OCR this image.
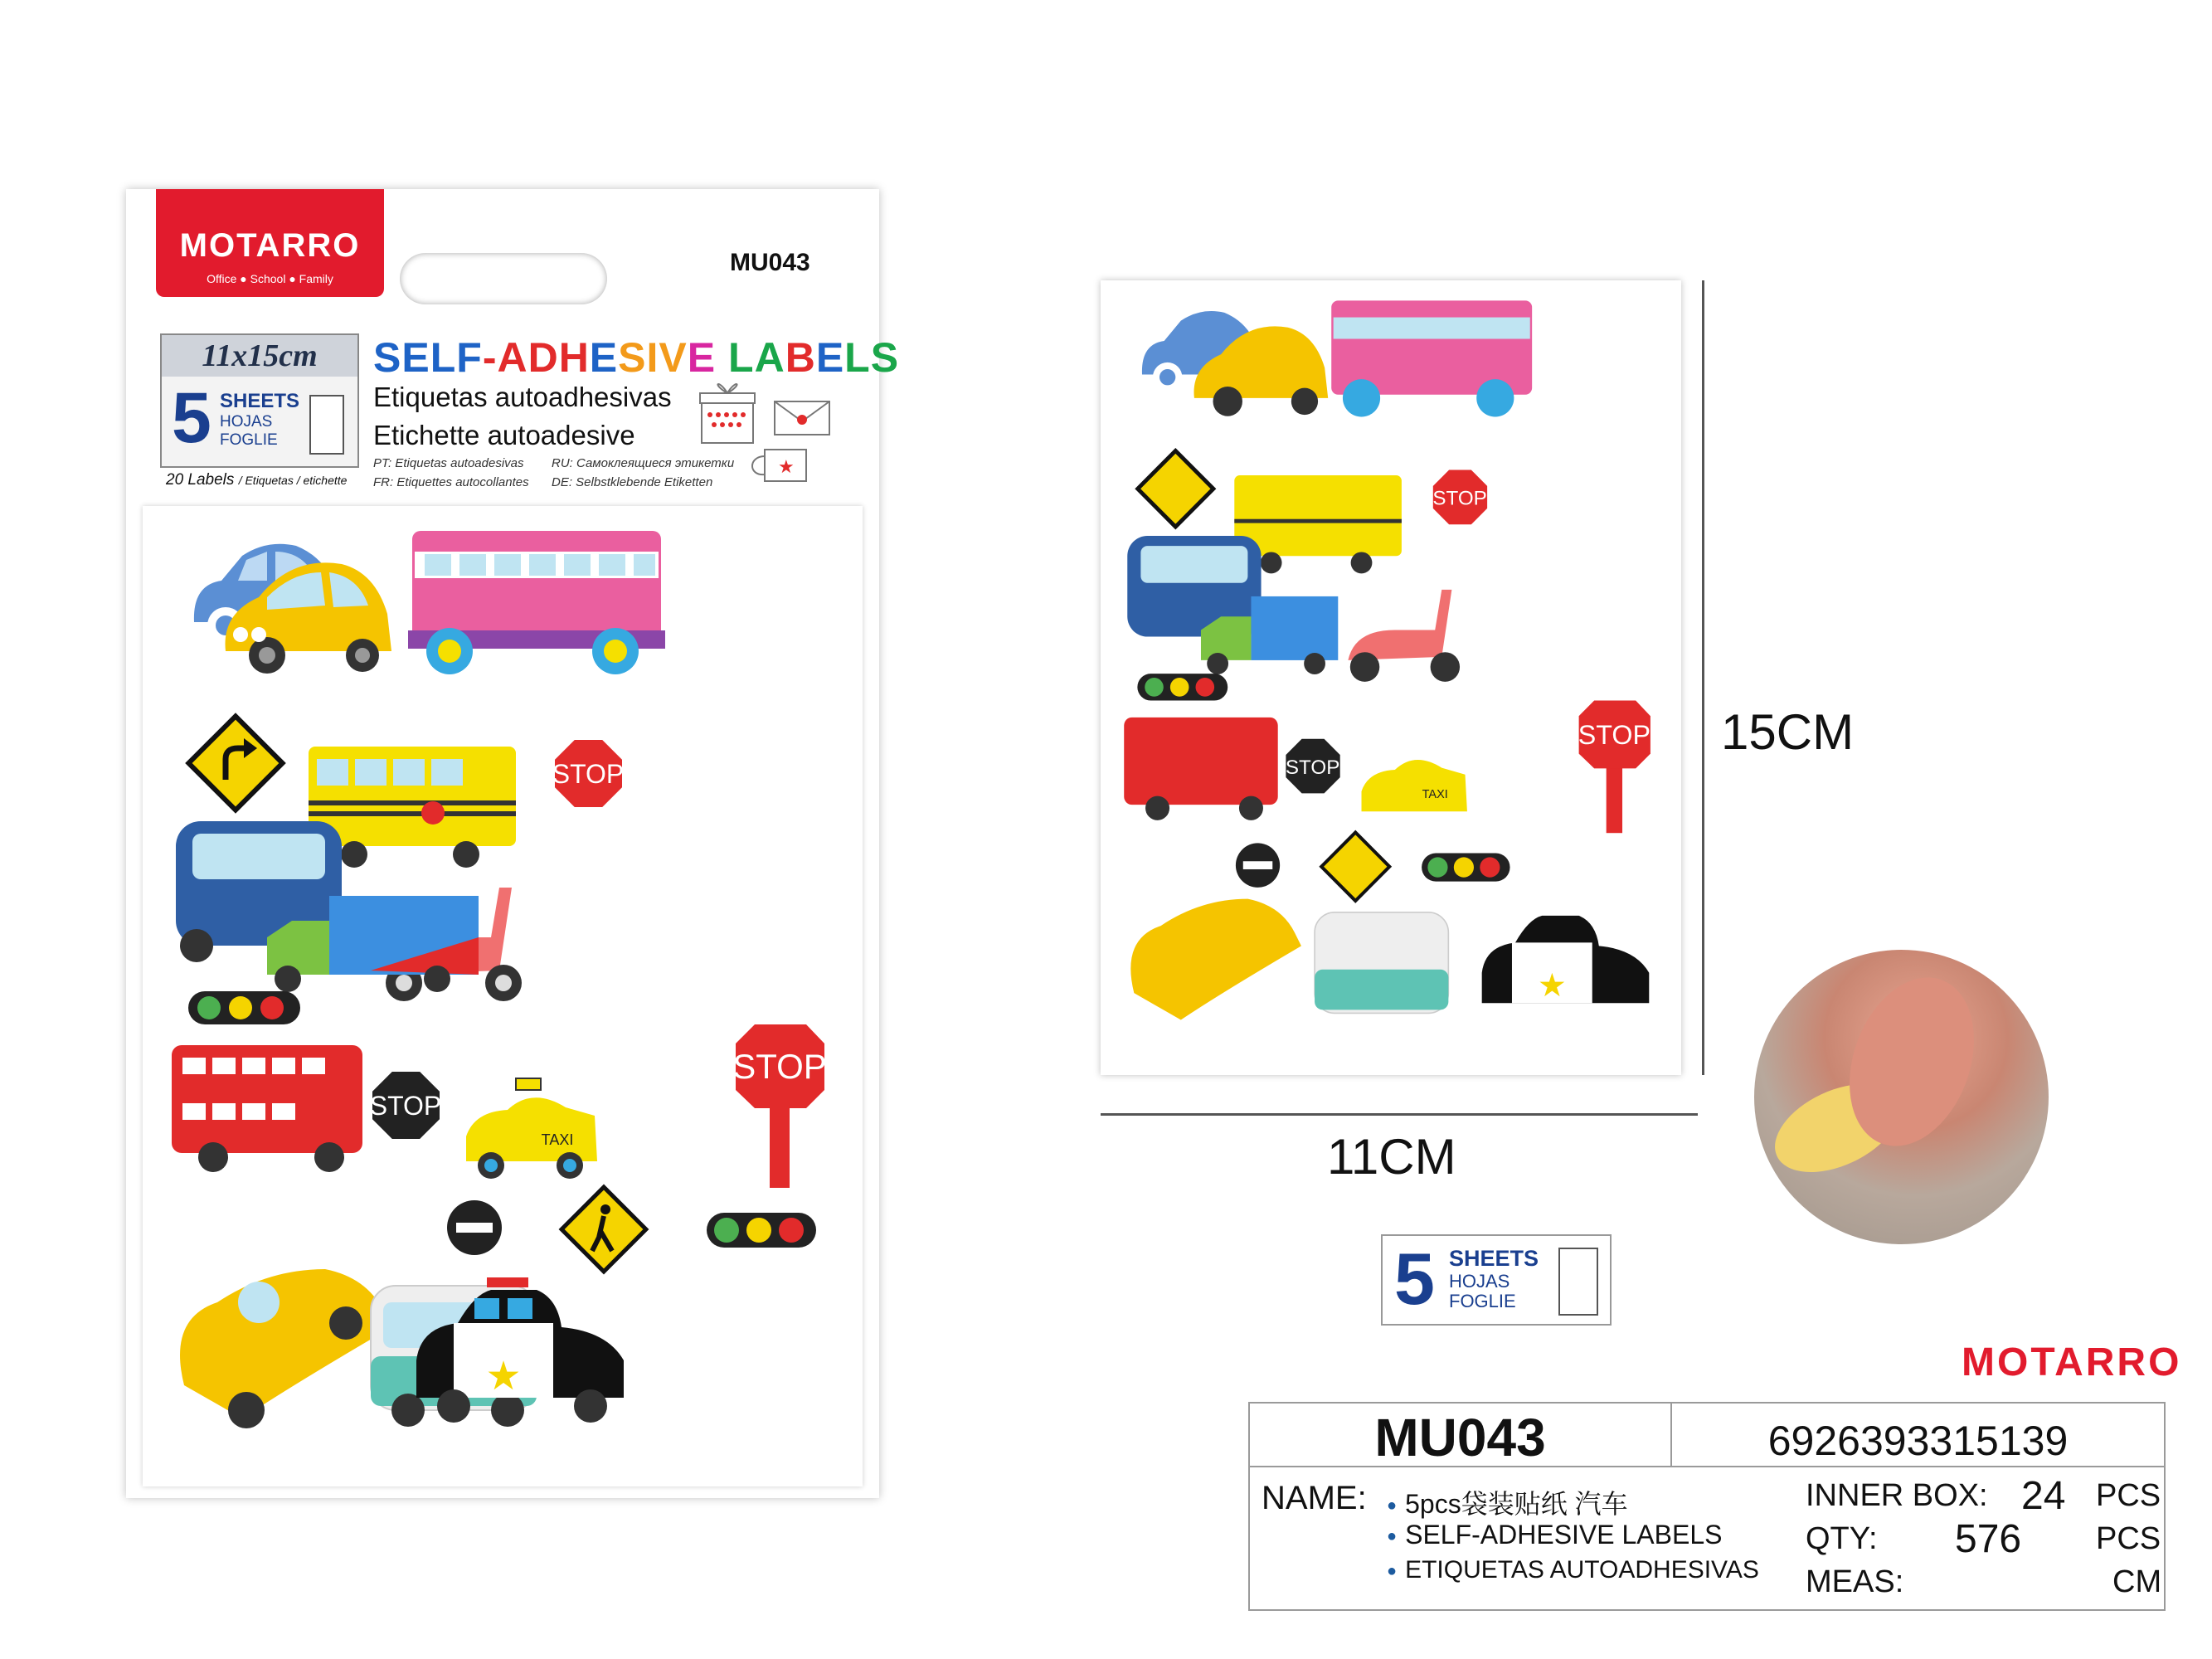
MOTARRO
Office ● School ● Family
MU043
11x15cm
5 SHEETS
HOJAS
FOGLIE
SELF-ADHESIVE LABELS
Etiquetas autoadhesivas
Etichette autoadesive
20 Labels / Etiquetas / etichette
PT: Etiquetas autoadesivas
FR: Etiquettes autocollantes
RU: Самоклеящиеся этикетки
DE: Selbstklebende Etiketten
★
STOP
STOP
TAXI
STOP
★
STOP
STOP
TAXI
STOP
★
15CM
11CM
5 SHEETS
HOJAS
FOGLIE
MOTARRO
MU043	6926393315139
NAME:
●	5pcs袋装贴纸 汽车
● SELF-ADHESIVE LABELS
● ETIQUETAS AUTOADHESIVAS
INNER BOX: 24 PCS
QTY: 576 PCS
MEAS:	CM
